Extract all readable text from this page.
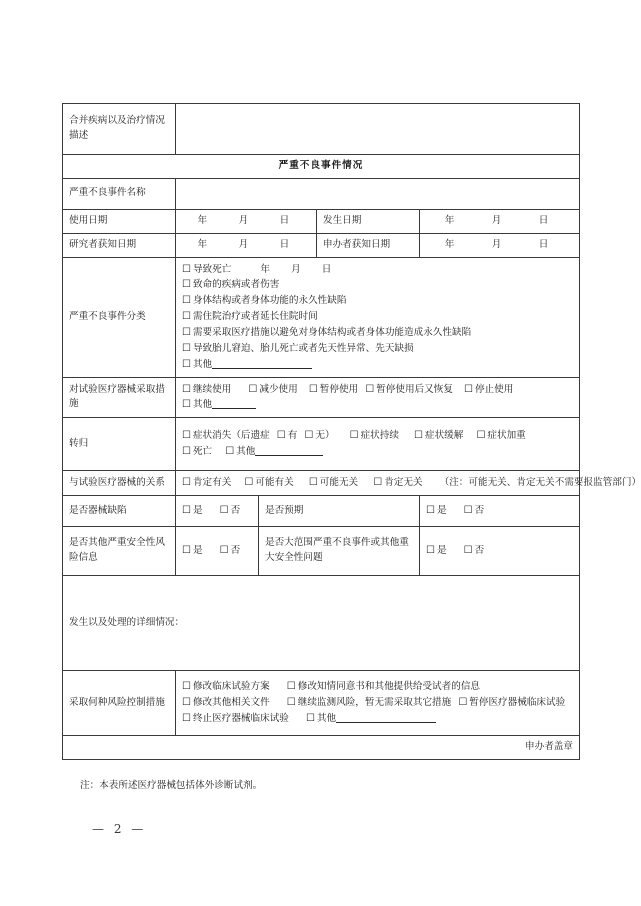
合并疾病以及治疗情况描述				
严重不良事件情况				
严重不良事件名称				
使用日期	年 月 日		发生日期	年 月 日
研究者获知日期	年 月 日		申办者获知日期	年 月 日
严重不良事件分类	
☐ 导致死亡	年 月 日
☐ 致命的疾病或者伤害
☐ 身体结构或者身体功能的永久性缺陷
☐ 需住院治疗或者延长住院时间
☐ 需要采取医疗措施以避免对身体结构或者身体功能造成永久性缺陷
☐ 导致胎儿窘迫、胎儿死亡或者先天性异常、先天缺损
☐ 其他

对试验医疗器械采取措施	☐ 继续使用 ☐ 减少使用 ☐ 暂停使用 ☐ 暂停使用后又恢复 ☐ 停止使用
☐ 其他			

转归	☐ 症状消失（后遗症 ☐ 有 ☐ 无） ☐ 症状持续 ☐ 症状缓解 ☐ 症状加重
☐ 死亡 ☐ 其他			

与试验医疗器械的关系	☐ 肯定有关 ☐ 可能有关 ☐ 可能无关 ☐ 肯定无关 （注：可能无关、肯定无关不需要报监管部门）			

是否器械缺陷	☐ 是 ☐ 否	是否预期		☐ 是 ☐ 否
是否其他严重安全性风险信息	☐ 是 ☐ 否	是否大范围严重不良事件或其他重大安全性问题		☐ 是 ☐ 否
发生以及处理的详细情况：				
采取何种风险控制措施	☐ 修改临床试验方案 ☐ 修改知情同意书和其他提供给受试者的信息
☐ 修改其他相关文件 ☐ 继续监测风险，暂无需采取其它措施 ☐ 暂停医疗器械临床试验
☐ 终止医疗器械临床试验 ☐ 其他			

申办者盖章				
注：本表所述医疗器械包括体外诊断试剂。
— 2 —
